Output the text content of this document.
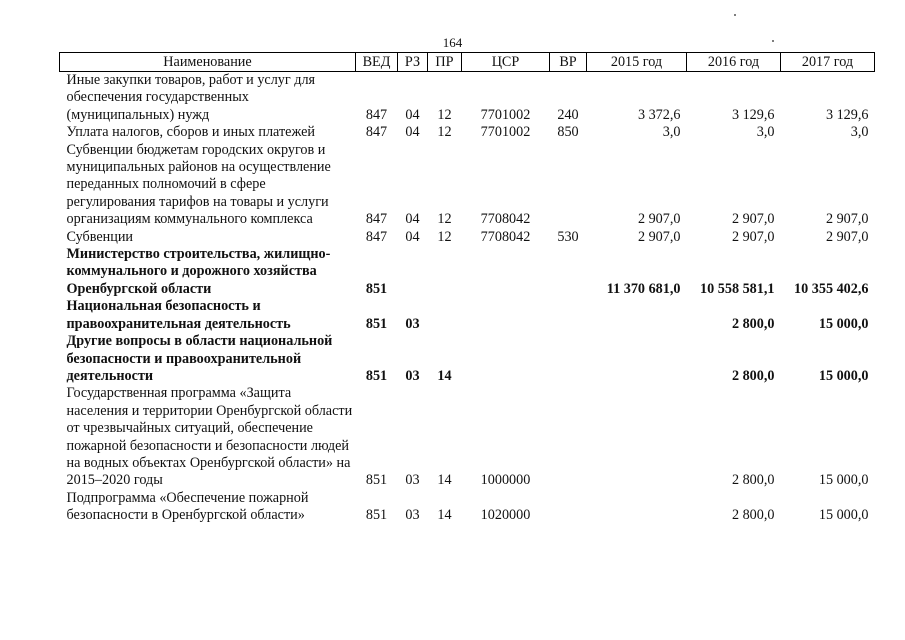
164
Наименование	ВЕД	РЗ	ПР	ЦСР	ВР	2015 год	2016 год	2017 год
Иные закупки товаров, работ и услуг для обеспечения государственных (муниципальных) нужд	847	04	12	7701002	240	3 372,6	3 129,6	3 129,6
Уплата налогов, сборов и иных платежей	847	04	12	7701002	850	3,0	3,0	3,0
Субвенции бюджетам городских округов и муниципальных районов на осуществление переданных полномочий в сфере регулирования тарифов на товары и услуги организациям коммунального комплекса	847	04	12	7708042		2 907,0	2 907,0	2 907,0
Субвенции	847	04	12	7708042	530	2 907,0	2 907,0	2 907,0
Министерство строительства, жилищно-коммунального и дорожного хозяйства Оренбургской области	851					11 370 681,0	10 558 581,1	10 355 402,6
Национальная безопасность и правоохранительная деятельность	851	03					2 800,0	15 000,0
Другие вопросы в области национальной безопасности и правоохранительной деятельности	851	03	14				2 800,0	15 000,0
Государственная программа «Защита населения и территории Оренбургской области от чрезвычайных ситуаций, обеспечение пожарной безопасности и безопасности людей на водных объектах Оренбургской области» на 2015–2020 годы	851	03	14	1000000			2 800,0	15 000,0
Подпрограмма «Обеспечение пожарной безопасности в Оренбургской области»	851	03	14	1020000			2 800,0	15 000,0
